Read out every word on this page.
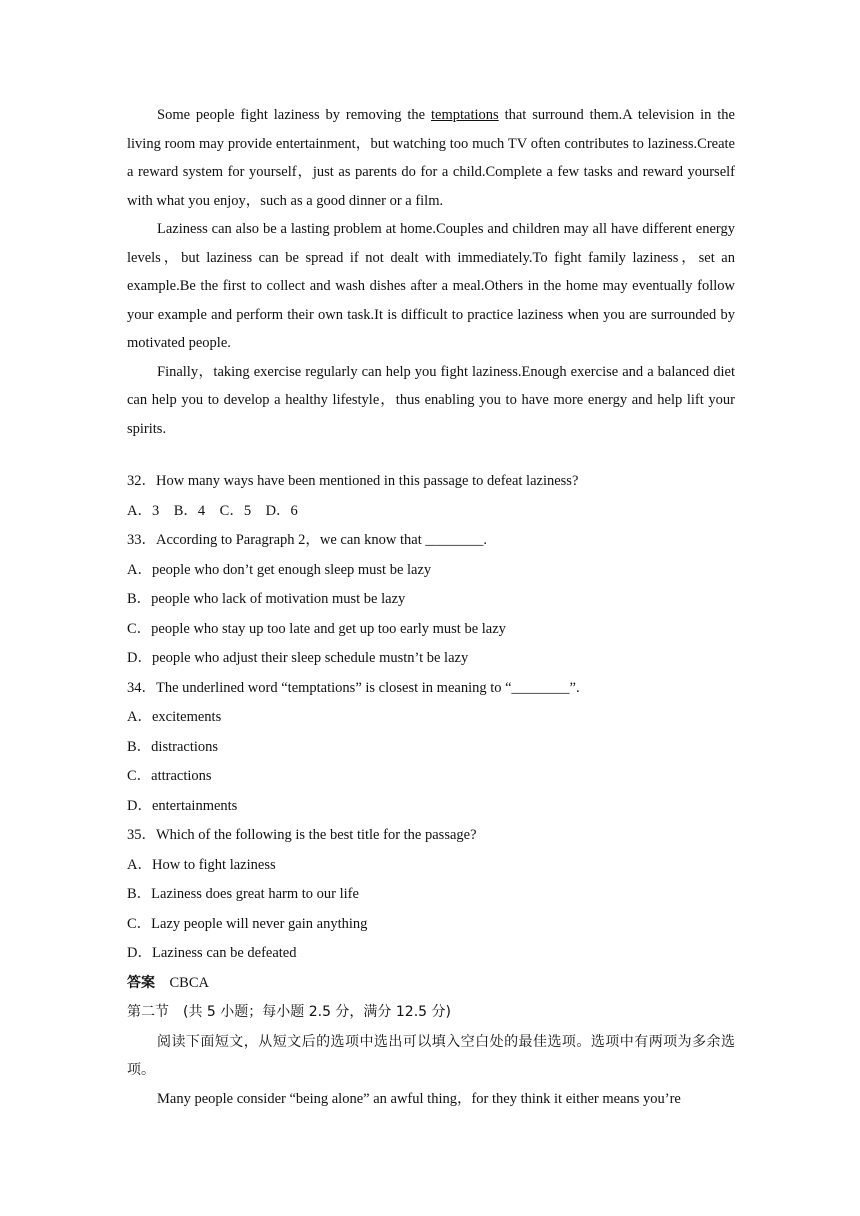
Some people fight laziness by removing the temptations that surround them.A television in the living room may provide entertainment，but watching too much TV often contributes to laziness.Create a reward system for yourself，just as parents do for a child.Complete a few tasks and reward yourself with what you enjoy，such as a good dinner or a film.

Laziness can also be a lasting problem at home.Couples and children may all have different energy levels，but laziness can be spread if not dealt with immediately.To fight family laziness，set an example.Be the first to collect and wash dishes after a meal.Others in the home may eventually follow your example and perform their own task.It is difficult to practice laziness when you are surrounded by motivated people.

Finally，taking exercise regularly can help you fight laziness.Enough exercise and a balanced diet can help you to develop a healthy lifestyle，thus enabling you to have more energy and help lift your spirits.

32．How many ways have been mentioned in this passage to defeat laziness?

A．3　B．4　C．5　D．6

33．According to Paragraph 2，we can know that ________.

A．people who don’t get enough sleep must be lazy

B．people who lack of motivation must be lazy

C．people who stay up too late and get up too early must be lazy

D．people who adjust their sleep schedule mustn’t be lazy

34．The underlined word “temptations” is closest in meaning to “________”.

A．excitements

B．distractions

C．attractions

D．entertainments

35．Which of the following is the best title for the passage?

A．How to fight laziness

B．Laziness does great harm to our life

C．Lazy people will never gain anything

D．Laziness can be defeated

答案　CBCA

第二节　(共 5 小题；每小题 2.5 分，满分 12.5 分)

阅读下面短文，从短文后的选项中选出可以填入空白处的最佳选项。选项中有两项为多余选项。

Many people consider “being alone” an awful thing，for they think it either means you’re
